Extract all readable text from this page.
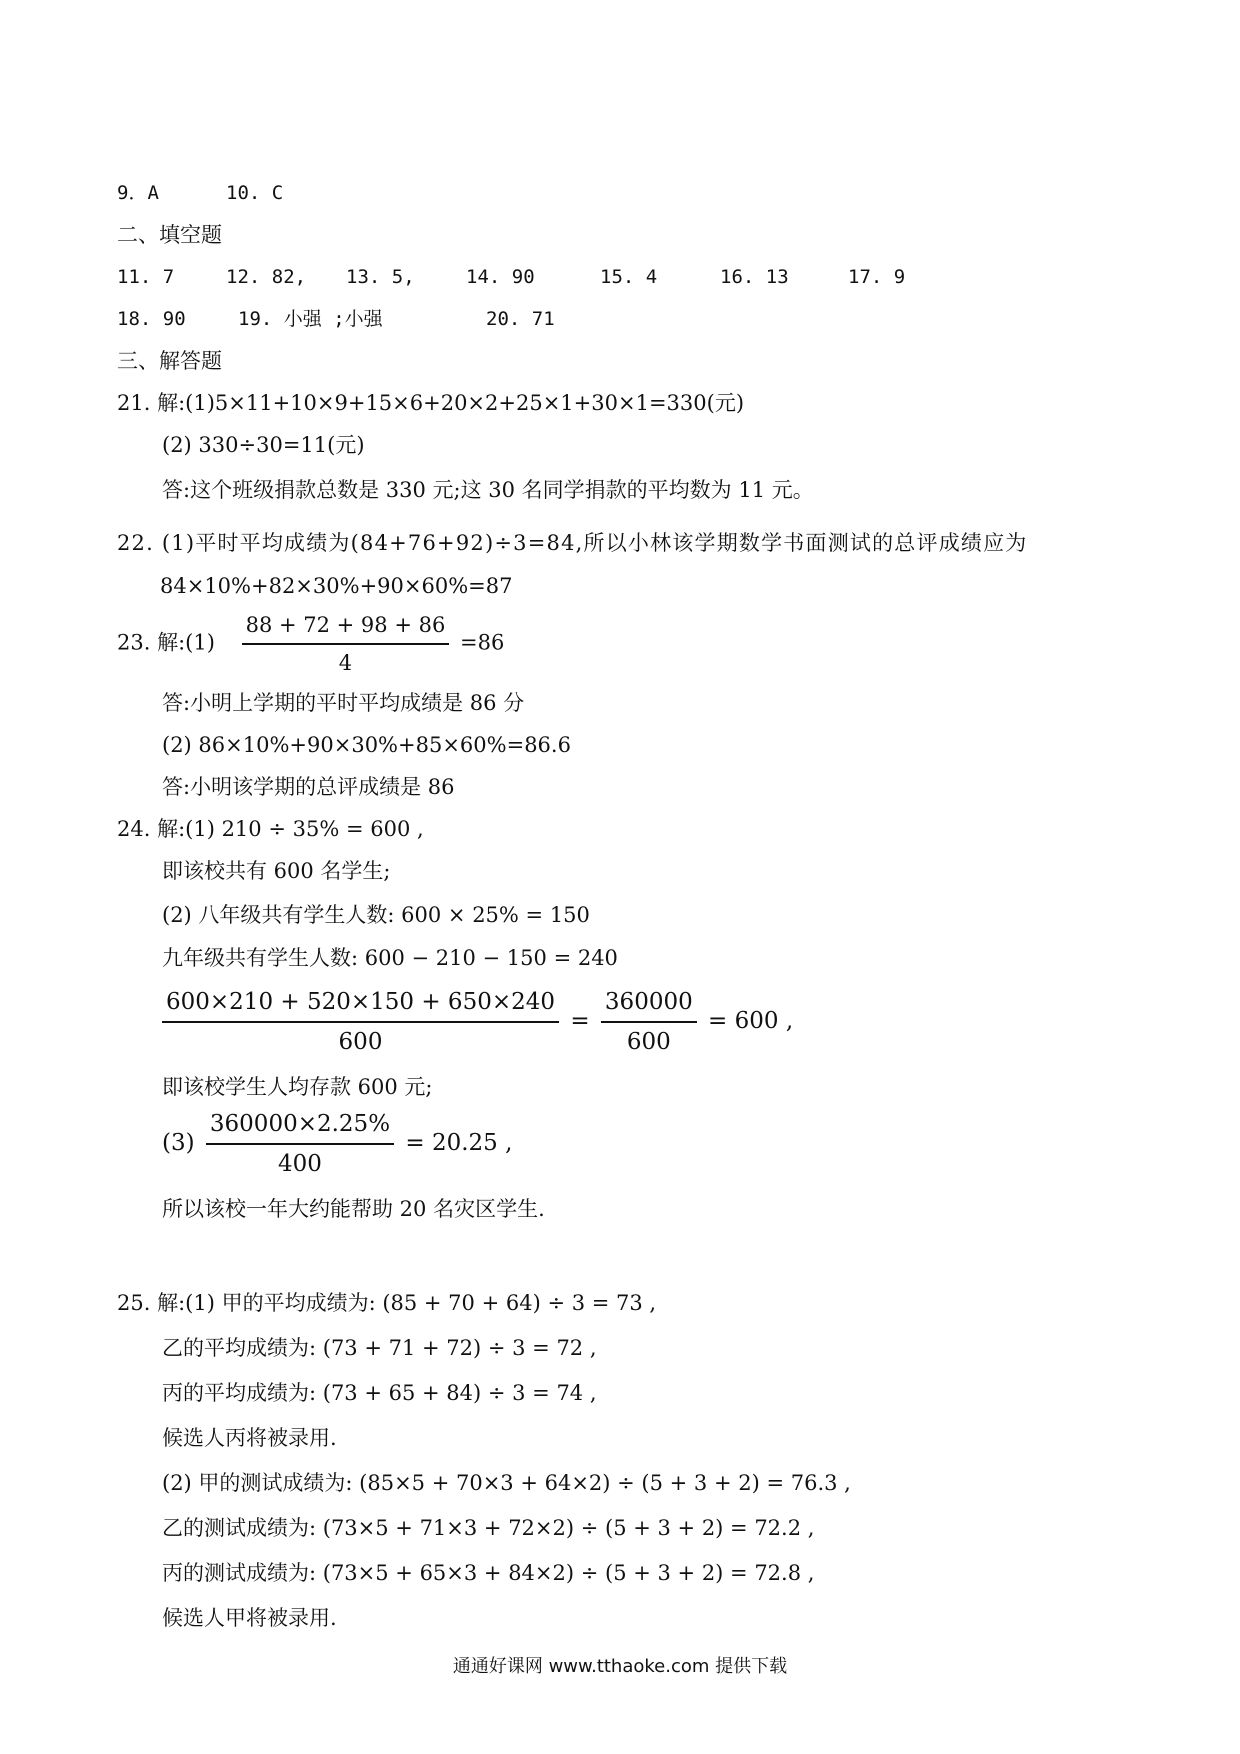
9．A	10. C
二、填空题
11. 7	12. 82, 13. 5,	14. 90	15. 4	16. 13	17. 9
18. 90	19. 小强 ;小强	20. 71
三、解答题
21. 解:(1)5×11+10×9+15×6+20×2+25×1+30×1=330(元)
(2) 330÷30=11(元)
答:这个班级捐款总数是 330 元;这 30 名同学捐款的平均数为 11 元。
22. (1)平时平均成绩为(84+76+92)÷3=84,所以小林该学期数学书面测试的总评成绩应为
84×10%+82×30%+90×60%=87
23. 解:(1) $\frac{88 + 72 + 98 + 86}{4} =86$
答:小明上学期的平时平均成绩是 86 分
(2) 86×10%+90×30%+85×60%=86.6
答:小明该学期的总评成绩是 86
24. 解:(1) 210 ÷ 35% = 600 ,
即该校共有 600 名学生;
(2) 八年级共有学生人数: 600 × 25% = 150
九年级共有学生人数: 600 − 210 − 150 = 240
$\frac{600\times 210 + 520\times 150 + 650\times 240}{600} = \frac{360000}{600} = 600$ ,
即该校学生人均存款 600 元;
$(3) \frac{360000\times 2.25\%}{400} = 20.25$ ,
所以该校一年大约能帮助 20 名灾区学生.
25. 解:(1) 甲的平均成绩为: (85 + 70 + 64) ÷ 3 = 73 ,
乙的平均成绩为: (73 + 71 + 72) ÷ 3 = 72 ,
丙的平均成绩为: (73 + 65 + 84) ÷ 3 = 74 ,
候选人丙将被录用.
(2) 甲的测试成绩为: (85×5 + 70×3 + 64×2) ÷ (5 + 3 + 2) = 76.3 ,
乙的测试成绩为: (73×5 + 71×3 + 72×2) ÷ (5 + 3 + 2) = 72.2 ,
丙的测试成绩为: (73×5 + 65×3 + 84×2) ÷ (5 + 3 + 2) = 72.8 ,
候选人甲将被录用.
通通好课网 www.tthaoke.com 提供下载
